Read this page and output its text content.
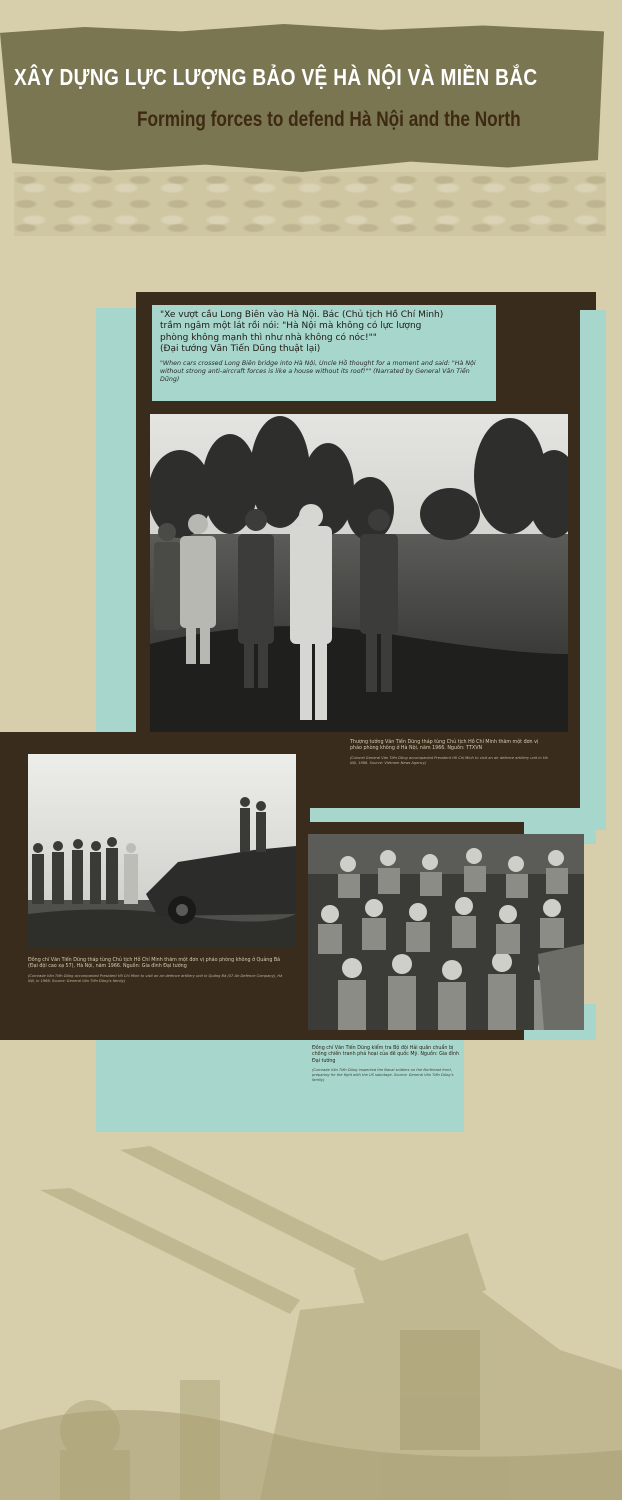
XÂY DỰNG LỰC LƯỢNG BẢO VỆ HÀ NỘI VÀ MIỀN BẮC
Forming forces to defend Hà Nội and the North
"Xe vượt cầu Long Biên vào Hà Nội. Bác (Chủ tịch Hồ Chí Minh)
trầm ngâm một lát rồi nói: "Hà Nội mà không có lực lượng
phòng không mạnh thì như nhà không có nóc!""
(Đại tướng Văn Tiến Dũng thuật lại)
"When cars crossed Long Biên bridge into Hà Nội, Uncle Hồ thought for a moment and said: "Hà Nội without strong anti-aircraft forces is like a house without its roof!"" (Narrated by General Văn Tiến Dũng)
Thượng tướng Văn Tiến Dũng tháp tùng Chủ tịch Hồ Chí Minh thăm một đơn vị pháo phòng không ở Hà Nội, năm 1966. Nguồn: TTXVN
(Colonel General Văn Tiến Dũng accompanied President Hồ Chí Minh to visit an air defence artillery unit in Hà Nội, 1966. Source: Vietnam News Agency)
Đồng chí Văn Tiến Dũng tháp tùng Chủ tịch Hồ Chí Minh thăm một đơn vị pháo phòng không ở Quảng Bá (Đại đội cao xạ 57), Hà Nội, năm 1966. Nguồn: Gia đình Đại tướng
(Comrade Văn Tiến Dũng accompanied President Hồ Chí Minh to visit an air defence artillery unit in Quảng Bá (57 Air Defence Company), Hà Nội, in 1966. Source: General Văn Tiến Dũng's family)
Đồng chí Văn Tiến Dũng kiểm tra Bộ đội Hải quân chuẩn bị chống chiến tranh phá hoại của đế quốc Mỹ. Nguồn: Gia đình Đại tướng
(Comrade Văn Tiến Dũng inspected the Naval soldiers on the Northeast front, preparing for the fight with the US sabotage. Source: General Văn Tiến Dũng's family)
